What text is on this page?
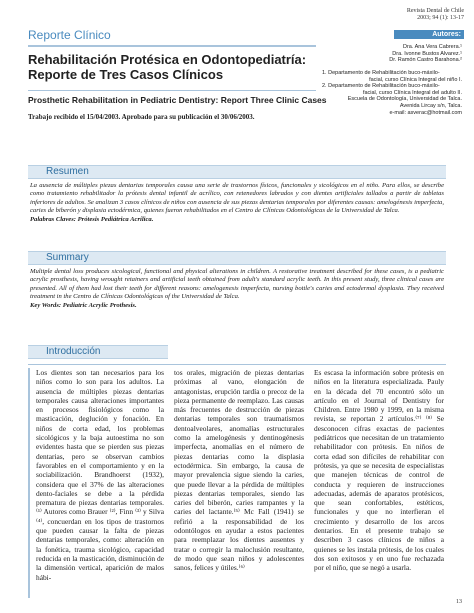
Revista Dental de Chile
2003; 94 (1): 13-17
Reporte Clínico
Rehabilitación Protésica en Odontopediatría:
Reporte de Tres Casos Clínicos
Prosthetic Rehabilitation in Pediatric Dentistry: Report Three Clinic Cases
Trabajo recibido el 15/04/2003. Aprobado para su publicación el 30/06/2003.
Autores:
Dra. Ana Vera Cabrera.¹
Dra. Ivonne Bustos Alvarez.¹
Dr. Ramón Castro Barahona.²
1. Departamento de Rehabilitación buco-máxilo-
facial, curso Clínica Integral del niño I.
2. Departamento de Rehabilitación buco-máxilo-
facial, curso Clínica Integral del adulto II.
Escuela de Odontología, Universidad de Talca.
Avenida Lircay s/n, Talca.
e-mail: asverac@hotmail.com
Resumen
La ausencia de múltiples piezas dentarias temporales causa una serie de trastornos físicos, funcionales y sicológicos en el niño. Para ellos, se describe como tratamiento rehabilitador la prótesis dental infantil de acrílico, con retenedores labrados y con dientes artificiales tallados a partir de tabletas inferiores de adultos. Se analizan 3 casos clínicos de niños con ausencia de sus piezas dentarias temporales por diferentes causas: amelogénesis imperfecta, caries de biberón y displasia ectodérmica, quienes fueron rehabilitados en el Centro de Clínicas Odontológicas de la Universidad de Talca.
Palabras Claves: Prótesis Pediátrica Acrílica.
Summary
Multiple dental loss produces sicological, functional and physical alterations in children. A restorative treatment described for these cases, is a pediatric acrylic prosthesis, having wrought retainers and artificial teeth obtained from adult's standard acrylic teeth. In this present study, three clinical cases are presented. All of them had lost their teeth for different reasons: amelogenesis imperfecta, nursing bottle's caries and ectodermal dysplasia. They received treatment in the Centro de Clínicas Odontológicas of the Universidad de Talca.
Key Words: Pediatric Acrylic Prothesis.
Introducción

Los dientes son tan necesarios para los niños como lo son para los adultos. La ausencia de múltiples piezas dentarias temporales causa alteraciones importantes en procesos fisiológicos como la masticación, deglución y fonación. En niños de corta edad, los problemas sicológicos y la baja autoestima no son evidentes hasta que se pierden sus piezas dentarias, pero se observan cambios favorables en el comportamiento y en la sociabilización. Brandhoerst (1932), considera que el 37% de las alteraciones dento-faciales se debe a la pérdida prematura de piezas dentarias temporales.⁽¹⁾ Autores como Brauer ⁽²⁾, Finn ⁽³⁾ y Silva ⁽⁴⁾, concuerdan en los tipos de trastornos que pueden causar la falta de piezas dentarias temporales, como: alteración en la fonética, trauma sicológico, capacidad reducida en la masticación, disminución de la dimensión vertical, aparición de malos hábi-

tos orales, migración de piezas dentarias próximas al vano, elongación de antagonistas, erupción tardía o precoz de la pieza permanente de reemplazo. Las causas más frecuentes de destrucción de piezas dentarias temporales son traumatismos dentoalveolares, anomalías estructurales como la amelogénesis y dentinogénesis imperfecta, anomalías en el número de piezas dentarias como la displasia ectodérmica. Sin embargo, la causa de mayor prevalencia sigue siendo la caries, que puede llevar a la pérdida de múltiples piezas dentarias temporales, siendo las caries del biberón, caries rampantes y la caries del lactante.⁽⁵⁾ Mc Fall (1941) se refirió a la responsabilidad de los odontólogos en ayudar a estos pacientes para reemplazar los dientes ausentes y tratar o corregir la maloclusión resultante, de modo que sean niños y adolescentes sanos, felices y útiles.⁽⁶⁾

Es escasa la información sobre prótesis en niños en la literatura especializada. Pauly en la década del 70 encontró sólo un artículo en el Journal of Dentistry for Children. Entre 1980 y 1999, en la misma revista, se reportan 2 artículos.⁽⁷⁾ ⁽⁸⁾ Se desconocen cifras exactas de pacientes pediátricos que necesitan de un tratamiento rehabilitador con prótesis. En niños de corta edad son difíciles de rehabilitar con prótesis, ya que se necesita de especialistas que manejen técnicas de control de conducta y requieren de instrucciones adecuadas, además de aparatos protésicos, que sean confortables, estéticos, funcionales y que no interfieran el crecimiento y desarrollo de los arcos dentarios. En el presente trabajo se describen 3 casos clínicos de niños a quienes se les instala prótesis, de los cuales dos son exitosos y en uno fue rechazada por el niño, que se negó a usarla.

13
